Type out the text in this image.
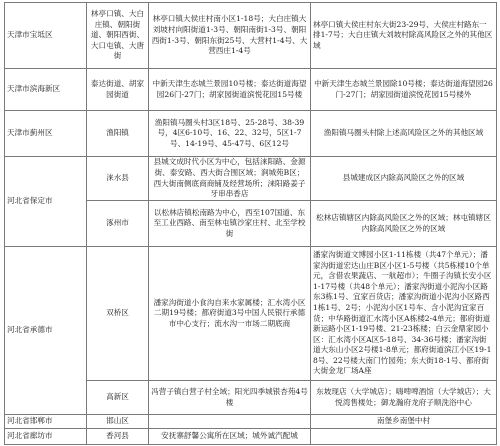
天津市宝坻区	林亭口镇、大白庄镇、朝阳街道、朝阳西街、大口屯镇、大唐街	林亭口镇大侯庄村南小区1-18号；大白庄镇大刘坡村向阳街道1-3号、朝阳南街1-3号、朝阳西街1-3号、朝阳东街25号、大营村1-4号、大营西庄1-4号	林亭口镇大侯庄村东大街23-29号、大侯庄村路东一排1-7号；大白庄镇大刘坡村除高风险区之外的其他区域
天津市滨海新区	泰达街道、胡家园街道	中新天津生态城兰景园10号楼；泰达街道海望园26门-27门；胡家园街道滨悦花园15号楼	中新天津生态城兰景园除10号楼；泰达街道海望园26门-27门；胡家园街道滨悦花园15号楼外
天津市蓟州区	渔阳镇	渔阳镇马圈头村3区18号、25-28号、38-39号，4区6-10号、16、22、32号，5区1-7号、14-19号、45-47号、6区12号	渔阳镇马圈头村除上述高风险区之外的其他区域
河北省保定市	涞水县	县城文成时代小区为中心，包括涞阳路、金源街、泰安路、西大街合围区域；涧城苑B区；西大街南侧底商商铺及经营场所；涞阳路姜子牙串串香店	县城建成区内除高风险区之外的区域
	涿州市	以松林店镇松南路为中心，西至107国道、东至工业西路、南至林屯镇沙家庄村、北至学校街	松林店镇辖区内除高风险区之外的区域；林屯镇辖区内除高风险区之外的区域
河北省承德市	双桥区	潘家沟街道小食沟自来水家属楼；汇水湾小区二期19号楼；都府街道3号中国人民银行承德市中心支行；流水沟一市场二期底商	潘家沟街道文博园小区1-11栋楼（共47个单元）；潘家沟街道宏达山庄B区小区1-5号楼（共5栋楼10个单元，含借农果蔬店、一航超市）；牛圈子沟镇长安小区1-17号楼（共48个单元）；潘家沟街道小泥沟小区路东3栋1号、宜家百货店；潘家沟街道小泥沟小区路西1栋1号、2号；小泥沟小区1号车、含小泥沟宜家百货；中华路街道汇水湾小区A栋楼2-4单元；都府街道新运路小区1-19号楼、21-23栋楼；白云金鼎家园小区：汇水湾小区A区5-18号、34-36号楼；潘家沟街道大东山小区2号楼1-8单元；都府街道滨江小区19-18号、22号楼大南门竹园苑；东大街18-1号、都府街大街金龙厂场A座
	高新区	冯营子镇白营子村全域；阳光四季城银杏苑4号楼	东坡现店（大学城店）；嗨啤啤酒馆（大学城店）；大悦湾售楼处；御龙瀚府龙府子顺洗浴中心
河北省邯郸市	邯山区		南堡乡南堡中村
河北省廊坊市	香河县	安抚寨舒馨公寓所在区域；城外诚汽配城	
